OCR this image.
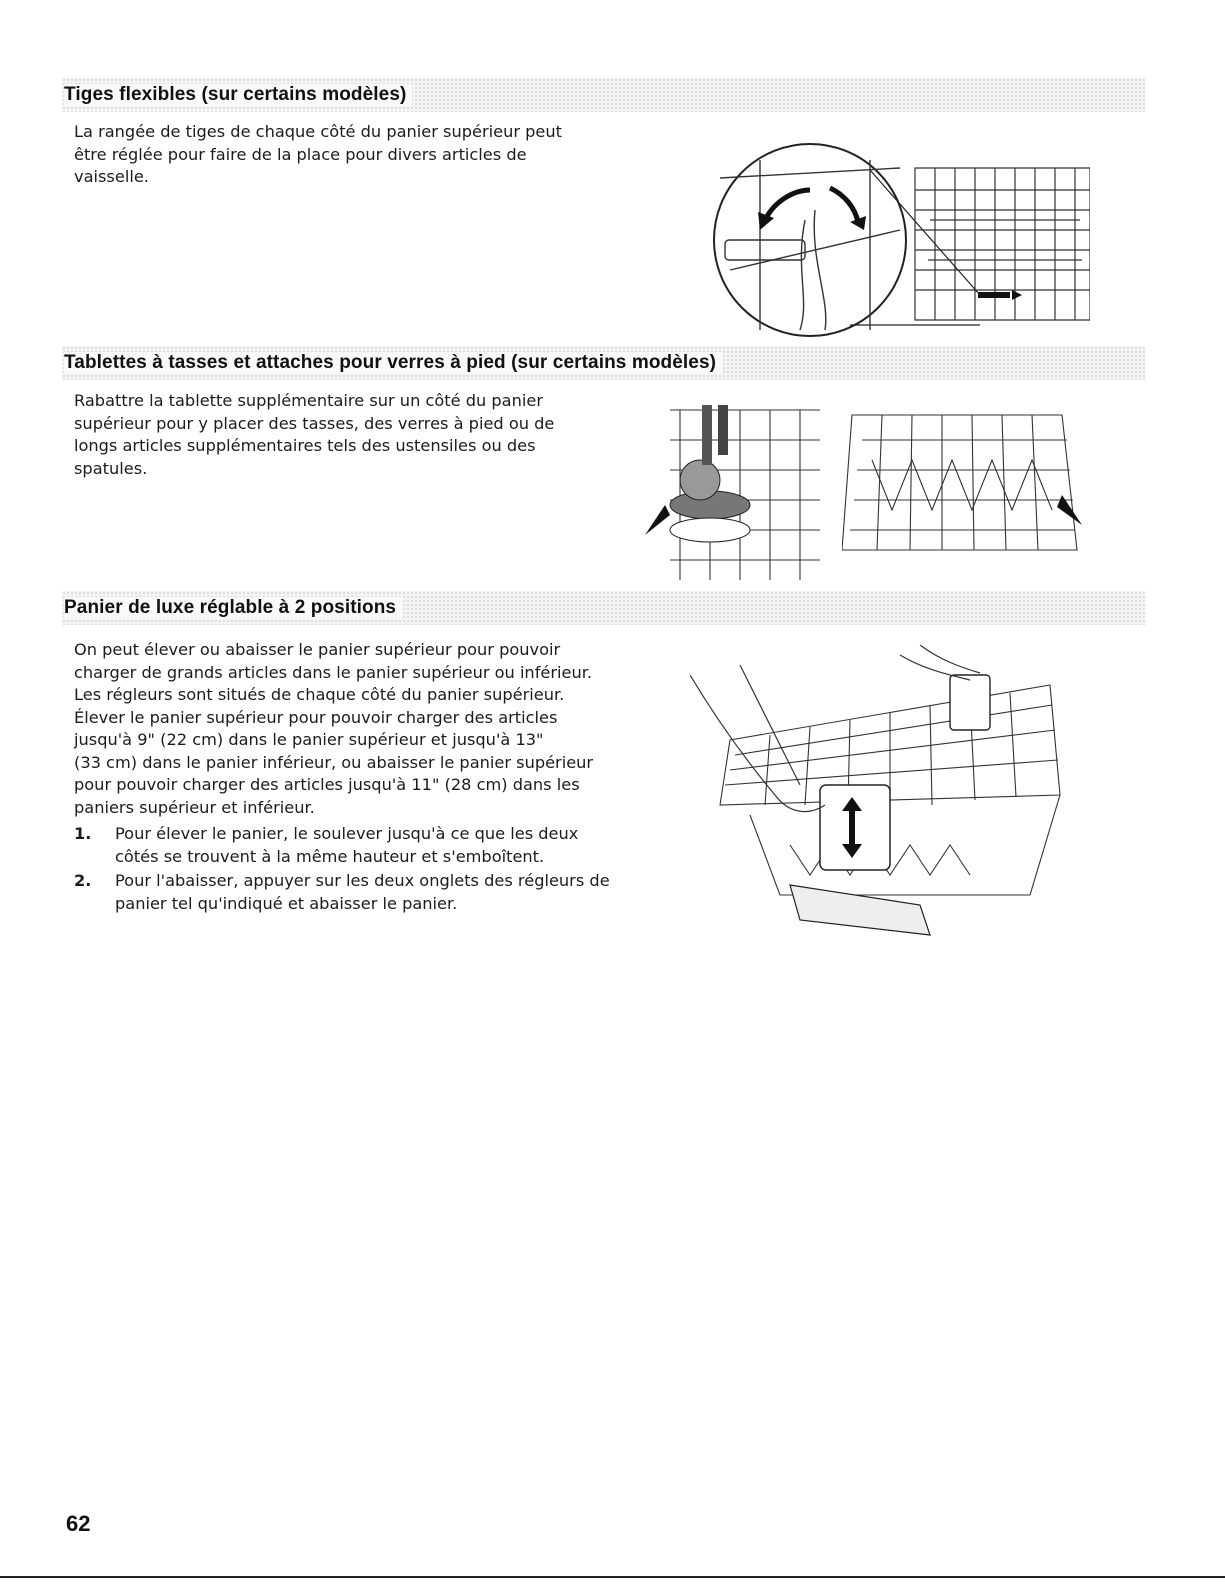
Tiges flexibles (sur certains modèles)
La rangée de tiges de chaque côté du panier supérieur peut
être réglée pour faire de la place pour divers articles de
vaisselle.
Tablettes à tasses et attaches pour verres à pied (sur certains modèles)
Rabattre la tablette supplémentaire sur un côté du panier
supérieur pour y placer des tasses, des verres à pied ou de
longs articles supplémentaires tels des ustensiles ou des
spatules.
Panier de luxe réglable à 2 positions
On peut élever ou abaisser le panier supérieur pour pouvoir
charger de grands articles dans le panier supérieur ou inférieur.
Les régleurs sont situés de chaque côté du panier supérieur.
Élever le panier supérieur pour pouvoir charger des articles
jusqu'à 9" (22 cm) dans le panier supérieur et jusqu'à 13"
(33 cm) dans le panier inférieur, ou abaisser le panier supérieur
pour pouvoir charger des articles jusqu'à 11" (28 cm) dans les
paniers supérieur et inférieur.
1. Pour élever le panier, le soulever jusqu'à ce que les deux
côtés se trouvent à la même hauteur et s'emboîtent.
2. Pour l'abaisser, appuyer sur les deux onglets des régleurs de
panier tel qu'indiqué et abaisser le panier.
62
